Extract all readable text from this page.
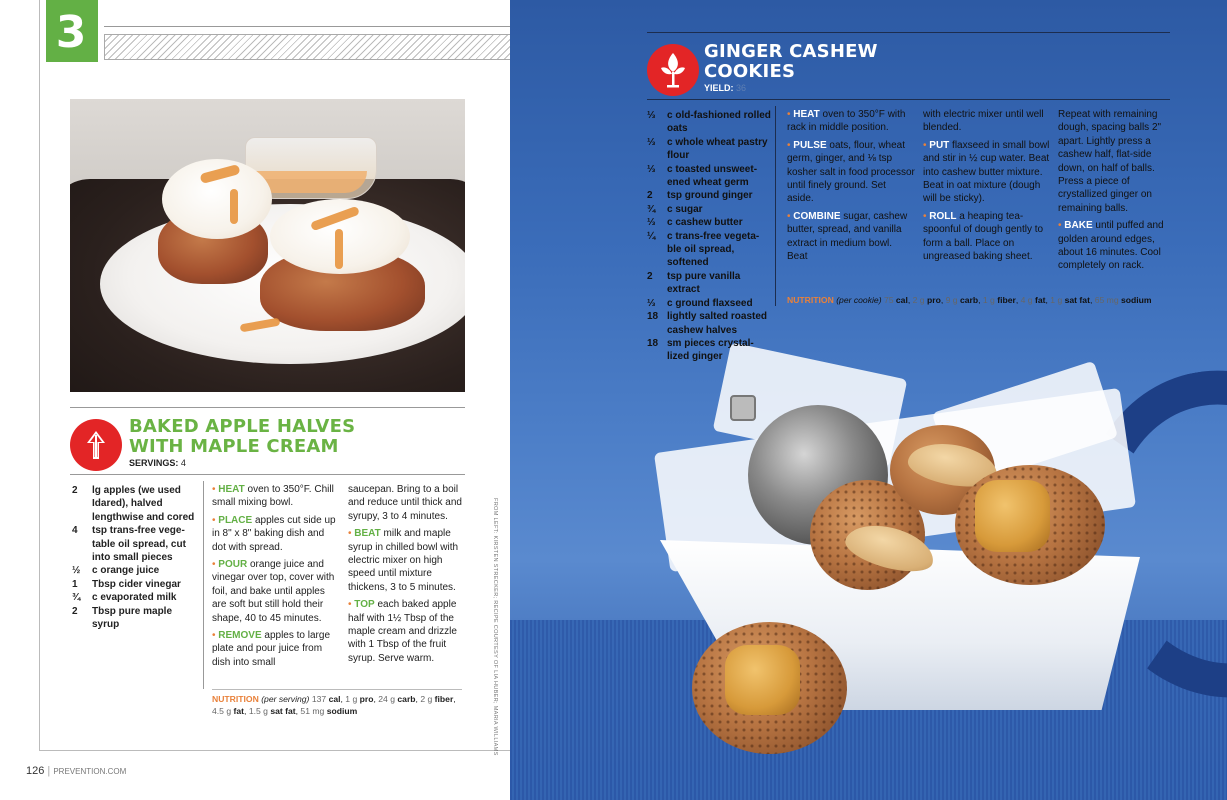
3
BAKED APPLE HALVES
WITH MAPLE CREAM
SERVINGS: 4
2	lg apples (we used Idared), halved lengthwise and cored
4	tsp trans-free vege-table oil spread, cut into small pieces
½	c orange juice
1	Tbsp cider vinegar
¾	c evaporated milk
2	Tbsp pure maple syrup

• HEAT oven to 350°F. Chill small mixing bowl.

• PLACE apples cut side up in 8" x 8" baking dish and dot with spread.

• POUR orange juice and vinegar over top, cover with foil, and bake until apples are soft but still hold their shape, 40 to 45 minutes.

• REMOVE apples to large plate and pour juice from dish into small

saucepan. Bring to a boil and reduce until thick and syrupy, 3 to 4 minutes.

• BEAT milk and maple syrup in chilled bowl with electric mixer on high speed until mixture thickens, 3 to 5 minutes.

• TOP each baked apple half with 1½ Tbsp of the maple cream and drizzle with 1 Tbsp of the fruit syrup. Serve warm.

NUTRITION (per serving) 137 cal, 1 g pro, 24 g carb, 2 g fiber, 4.5 g fat, 1.5 g sat fat, 51 mg sodium	FROM LEFT: KIRSTEN STRECKER; RECIPE COURTESY OF LIA HUBER; MARIA WILLIAMS
126 | PREVENTION.COM
GINGER CASHEW
COOKIES
YIELD: 36
⅓	c old-fashioned rolled oats
⅓	c whole wheat pastry flour
⅓	c toasted unsweet-ened wheat germ
2	tsp ground ginger
¾	c sugar
⅓	c cashew butter
¼	c trans-free vegeta-ble oil spread, softened
2	tsp pure vanilla extract
⅓	c ground flaxseed
18 lightly salted roasted cashew halves
18 sm pieces crystal-lized ginger

• HEAT oven to 350°F with rack in middle position.

• PULSE oats, flour, wheat germ, ginger, and ⅛ tsp kosher salt in food processor until finely ground. Set aside.

• COMBINE sugar, cashew butter, spread, and vanilla extract in medium bowl. Beat

with electric mixer until well blended.

• PUT flaxseed in small bowl and stir in ½ cup water. Beat into cashew butter mixture. Beat in oat mixture (dough will be sticky).

• ROLL a heaping tea-spoonful of dough gently to form a ball. Place on ungreased baking sheet.

Repeat with remaining dough, spacing balls 2" apart. Lightly press a cashew half, flat-side down, on half of balls. Press a piece of crystallized ginger on remaining balls.

• BAKE until puffed and golden around edges, about 16 minutes. Cool completely on rack.

NUTRITION (per cookie) 75 cal, 2 g pro, 9 g carb, 1 g fiber, 4 g fat, 1 g sat fat, 65 mg sodium
